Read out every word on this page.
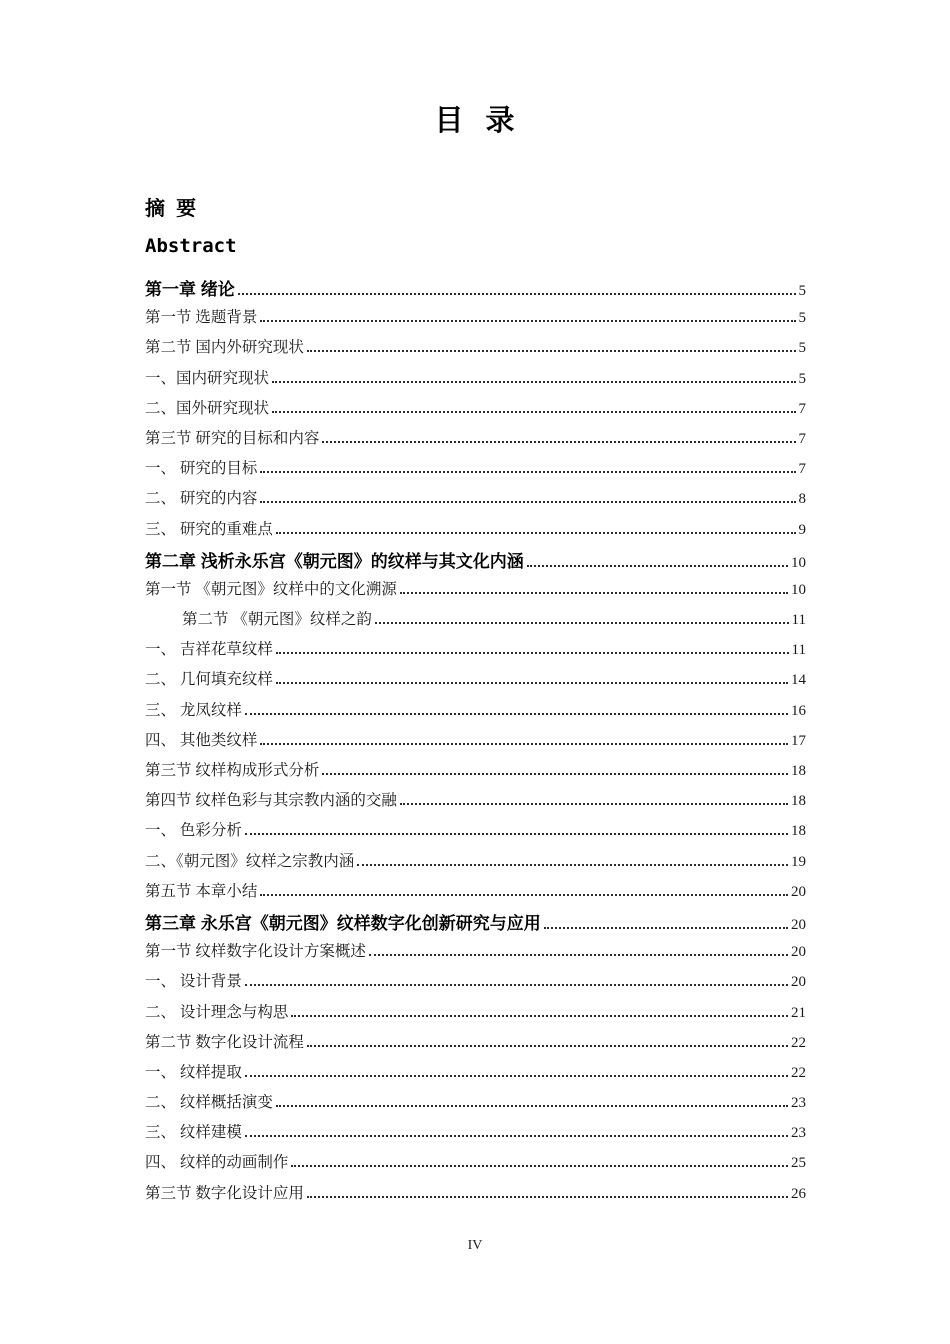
目  录
摘  要
Abstract
第一章 绪论	5
第一节 选题背景	5
第二节 国内外研究现状	5
一、国内研究现状	5
二、国外研究现状	7
第三节 研究的目标和内容	7
一、 研究的目标	7
二、 研究的内容	8
三、 研究的重难点	9
第二章 浅析永乐宫《朝元图》的纹样与其文化内涵	10
第一节 《朝元图》纹样中的文化溯源	10
第二节 《朝元图》纹样之韵	11
一、 吉祥花草纹样	11
二、 几何填充纹样	14
三、 龙凤纹样	16
四、 其他类纹样	17
第三节 纹样构成形式分析	18
第四节 纹样色彩与其宗教内涵的交融	18
一、 色彩分析	18
二、《朝元图》纹样之宗教内涵	19
第五节 本章小结	20
第三章 永乐宫《朝元图》纹样数字化创新研究与应用	20
第一节 纹样数字化设计方案概述	20
一、 设计背景	20
二、 设计理念与构思	21
第二节 数字化设计流程	22
一、 纹样提取	22
二、 纹样概括演变	23
三、 纹样建模	23
四、 纹样的动画制作	25
第三节 数字化设计应用	26
IV
